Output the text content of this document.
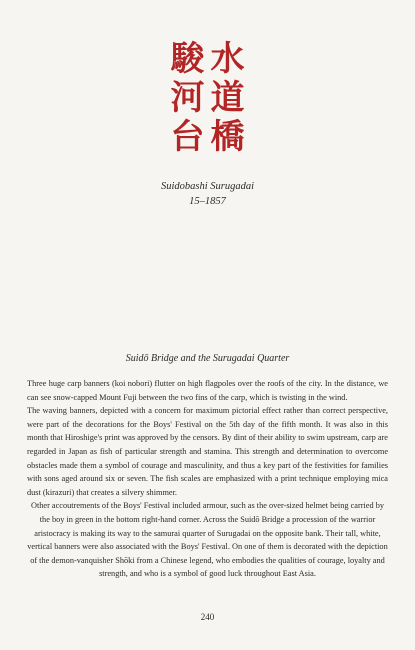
水
道
橋
駿
河
台
Suidobashi Surugadai
15–1857
Suidō Bridge and the Surugadai Quarter

Three huge carp banners (koi nobori) flutter on high flagpoles over the roofs of the city. In the distance, we can see snow-capped Mount Fuji between the two fins of the carp, which is twisting in the wind.

The waving banners, depicted with a concern for maximum pictorial effect rather than correct perspective, were part of the decorations for the Boys' Festival on the 5th day of the fifth month. It was also in this month that Hiroshige's print was approved by the censors. By dint of their ability to swim upstream, carp are regarded in Japan as fish of particular strength and stamina. This strength and determination to overcome obstacles made them a symbol of courage and masculinity, and thus a key part of the festivities for families with sons aged around six or seven. The fish scales are emphasized with a print technique employing mica dust (kirazuri) that creates a silvery shimmer.

Other accoutrements of the Boys' Festival included armour, such as the over-sized helmet being carried by the boy in green in the bottom right-hand corner. Across the Suidō Bridge a procession of the warrior aristocracy is making its way to the samurai quarter of Surugadai on the opposite bank. Their tall, white, vertical banners were also associated with the Boys' Festival. On one of them is decorated with the depiction of the demon-vanquisher Shōki from a Chinese legend, who embodies the qualities of courage, loyalty and strength, and who is a symbol of good luck throughout East Asia.

240
